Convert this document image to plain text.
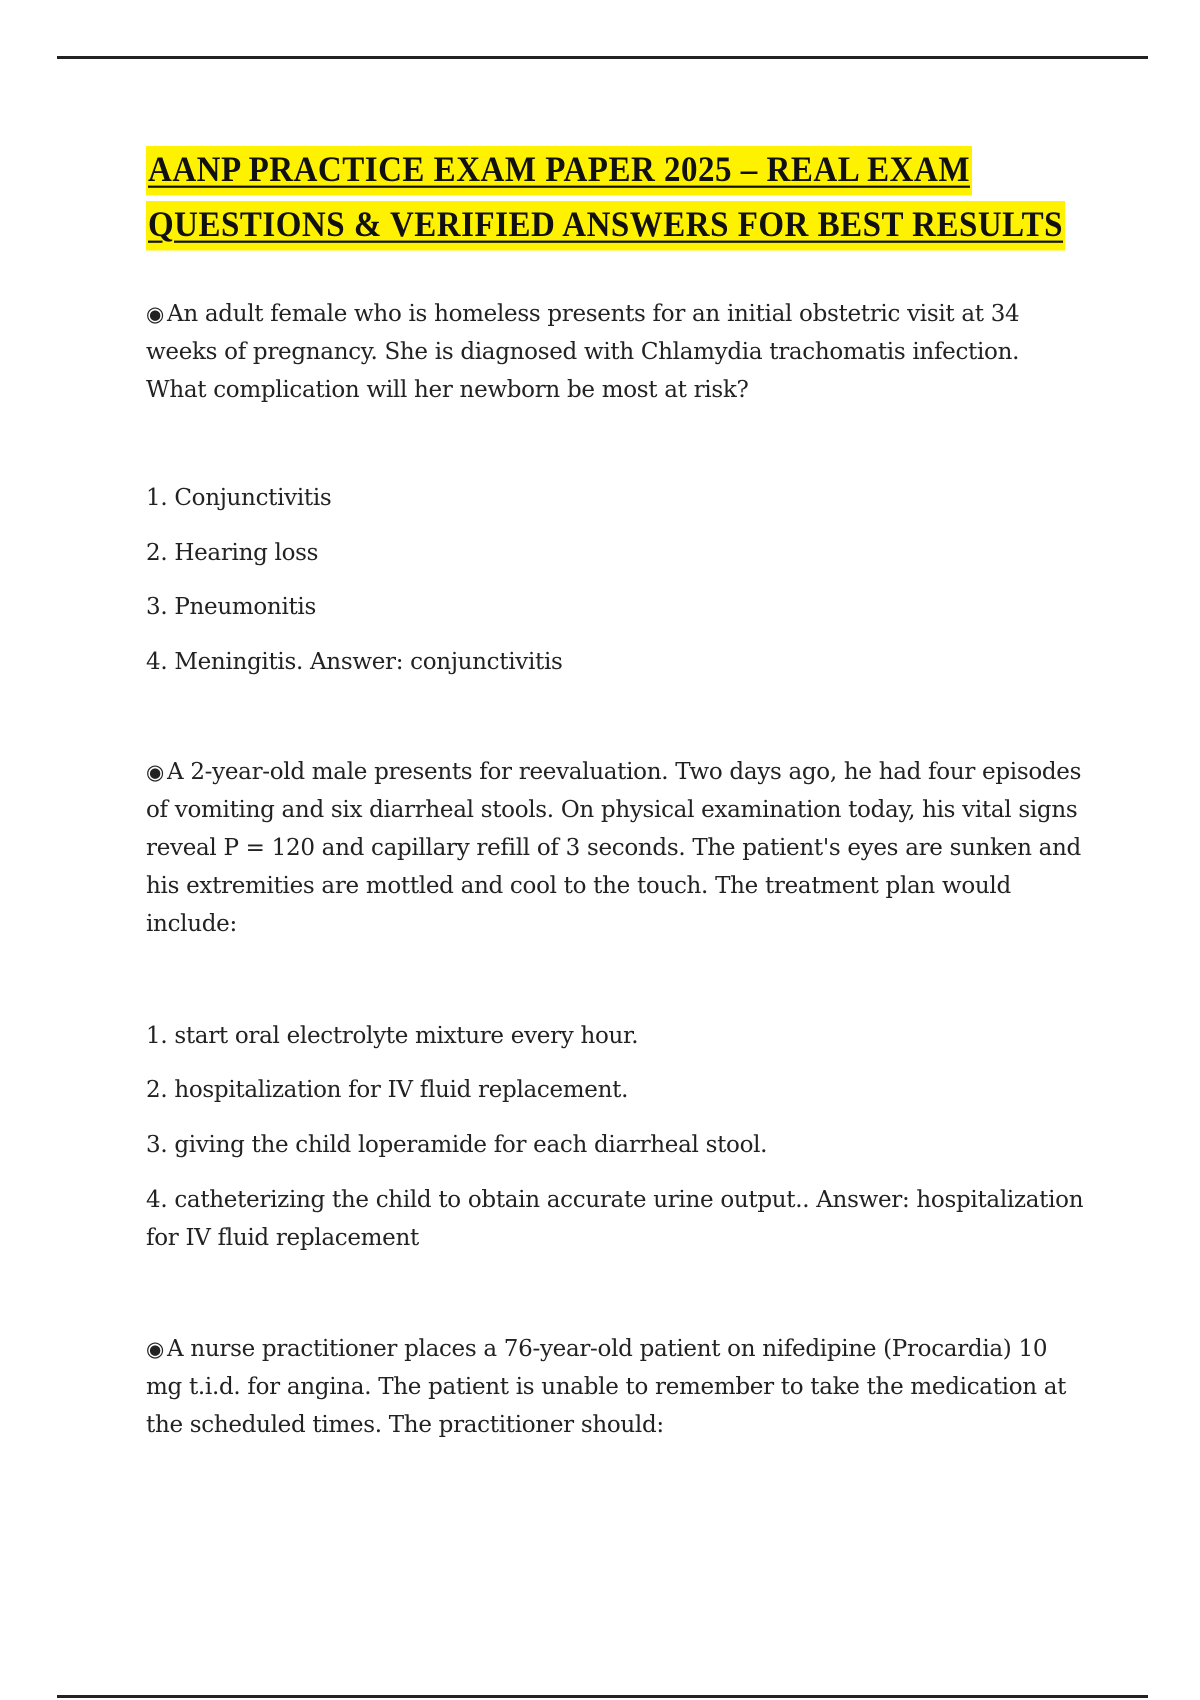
AANP PRACTICE EXAM PAPER 2025 – REAL EXAM
QUESTIONS & VERIFIED ANSWERS FOR BEST RESULTS
◉ An adult female who is homeless presents for an initial obstetric visit at 34 weeks of pregnancy. She is diagnosed with Chlamydia trachomatis infection. What complication will her newborn be most at risk?
1. Conjunctivitis
2. Hearing loss
3. Pneumonitis
4. Meningitis. Answer: conjunctivitis
◉ A 2-year-old male presents for reevaluation. Two days ago, he had four episodes of vomiting and six diarrheal stools. On physical examination today, his vital signs reveal P = 120 and capillary refill of 3 seconds. The patient's eyes are sunken and his extremities are mottled and cool to the touch. The treatment plan would include:
1. start oral electrolyte mixture every hour.
2. hospitalization for IV fluid replacement.
3. giving the child loperamide for each diarrheal stool.
4. catheterizing the child to obtain accurate urine output.. Answer: hospitalization for IV fluid replacement
◉ A nurse practitioner places a 76-year-old patient on nifedipine (Procardia) 10 mg t.i.d. for angina. The patient is unable to remember to take the medication at the scheduled times. The practitioner should:
